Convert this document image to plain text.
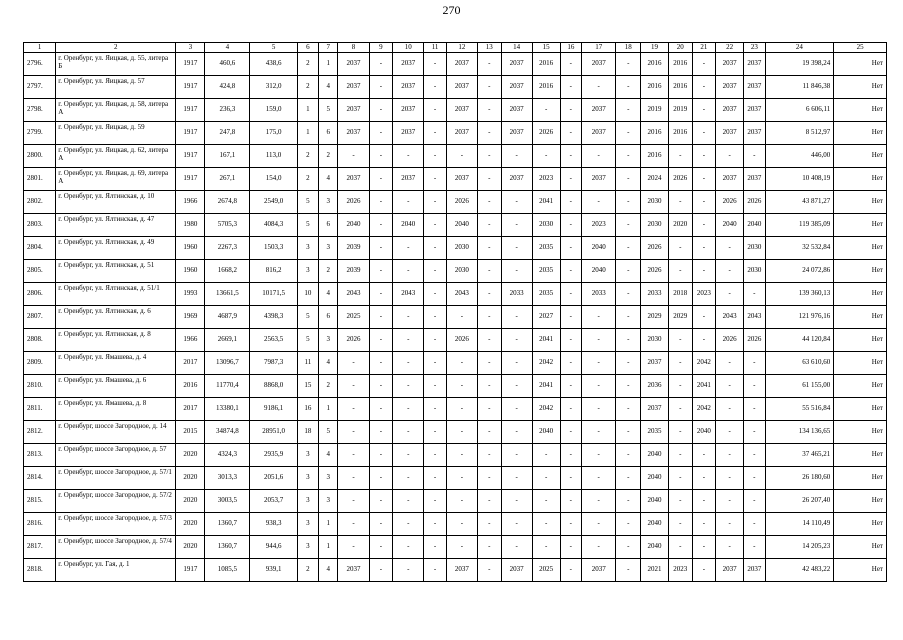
270
1	2	3	4	5	6	7	8	9	10	11	12	13	14	15	16	17	18	19	20	21	22	23	24	25
2796.	г. Оренбург, ул. Яицкая, д. 55, литера Б	1917	460,6	438,6	2	1	2037	-	2037	-	2037	-	2037	2016	-	2037	-	2016	2016	-	2037	2037	19 398,24	Нет
2797.	г. Оренбург, ул. Яицкая, д. 57	1917	424,8	312,0	2	4	2037	-	2037	-	2037	-	2037	2016	-	-	-	2016	2016	-	2037	2037	11 846,38	Нет
2798.	г. Оренбург, ул. Яицкая, д. 58, литера А	1917	236,3	159,0	1	5	2037	-	2037	-	2037	-	2037	-	-	2037	-	2019	2019	-	2037	2037	6 606,11	Нет
2799.	г. Оренбург, ул. Яицкая, д. 59	1917	247,8	175,0	1	6	2037	-	2037	-	2037	-	2037	2026	-	2037	-	2016	2016	-	2037	2037	8 512,97	Нет
2800.	г. Оренбург, ул. Яицкая, д. 62, литера А	1917	167,1	113,0	2	2	-	-	-	-	-	-	-	-	-	-	-	2016	-	-	-	-	446,00	Нет
2801.	г. Оренбург, ул. Яицкая, д. 69, литера А	1917	267,1	154,0	2	4	2037	-	2037	-	2037	-	2037	2023	-	2037	-	2024	2026	-	2037	2037	10 408,19	Нет
2802.	г. Оренбург, ул. Ялтинская, д. 10	1966	2674,8	2549,0	5	3	2026	-	-	-	2026	-	-	2041	-	-	-	2030	-	-	2026	2026	43 871,27	Нет
2803.	г. Оренбург, ул. Ялтинская, д. 47	1980	5705,3	4084,3	5	6	2040	-	2040	-	2040	-	-	2030	-	2023	-	2030	2020	-	2040	2040	119 385,09	Нет
2804.	г. Оренбург, ул. Ялтинская, д. 49	1960	2267,3	1503,3	3	3	2039	-	-	-	2030	-	-	2035	-	2040	-	2026	-	-	-	2030	32 532,84	Нет
2805.	г. Оренбург, ул. Ялтинская, д. 51	1960	1668,2	816,2	3	2	2039	-	-	-	2030	-	-	2035	-	2040	-	2026	-	-	-	2030	24 072,86	Нет
2806.	г. Оренбург, ул. Ялтинская, д. 51/1	1993	13661,5	10171,5	10	4	2043	-	2043	-	2043	-	2033	2035	-	2033	-	2033	2018	2023	-	-	139 360,13	Нет
2807.	г. Оренбург, ул. Ялтинская, д. 6	1969	4687,9	4398,3	5	6	2025	-	-	-	-	-	-	2027	-	-	-	2029	2029	-	2043	2043	121 976,16	Нет
2808.	г. Оренбург, ул. Ялтинская, д. 8	1966	2669,1	2563,5	5	3	2026	-	-	-	2026	-	-	2041	-	-	-	2030	-	-	2026	2026	44 120,84	Нет
2809.	г. Оренбург, ул. Ямашева, д. 4	2017	13096,7	7987,3	11	4	-	-	-	-	-	-	-	2042	-	-	-	2037	-	2042	-	-	63 610,60	Нет
2810.	г. Оренбург, ул. Ямашева, д. 6	2016	11770,4	8868,0	15	2	-	-	-	-	-	-	-	2041	-	-	-	2036	-	2041	-	-	61 155,00	Нет
2811.	г. Оренбург, ул. Ямашева, д. 8	2017	13380,1	9186,1	16	1	-	-	-	-	-	-	-	2042	-	-	-	2037	-	2042	-	-	55 516,84	Нет
2812.	г. Оренбург, шоссе Загородное, д. 14	2015	34874,8	28951,0	18	5	-	-	-	-	-	-	-	2040	-	-	-	2035	-	2040	-	-	134 136,65	Нет
2813.	г. Оренбург, шоссе Загородное, д. 57	2020	4324,3	2935,9	3	4	-	-	-	-	-	-	-	-	-	-	-	2040	-	-	-	-	37 465,21	Нет
2814.	г. Оренбург, шоссе Загородное, д. 57/1	2020	3013,3	2051,6	3	3	-	-	-	-	-	-	-	-	-	-	-	2040	-	-	-	-	26 180,60	Нет
2815.	г. Оренбург, шоссе Загородное, д. 57/2	2020	3003,5	2053,7	3	3	-	-	-	-	-	-	-	-	-	-	-	2040	-	-	-	-	26 207,40	Нет
2816.	г. Оренбург, шоссе Загородное, д. 57/3	2020	1360,7	938,3	3	1	-	-	-	-	-	-	-	-	-	-	-	2040	-	-	-	-	14 110,49	Нет
2817.	г. Оренбург, шоссе Загородное, д. 57/4	2020	1360,7	944,6	3	1	-	-	-	-	-	-	-	-	-	-	-	2040	-	-	-	-	14 205,23	Нет
2818.	г. Оренбург, ул. Гая, д. 1	1917	1085,5	939,1	2	4	2037	-	-	-	2037	-	2037	2025	-	2037	-	2021	2023	-	2037	2037	42 483,22	Нет
